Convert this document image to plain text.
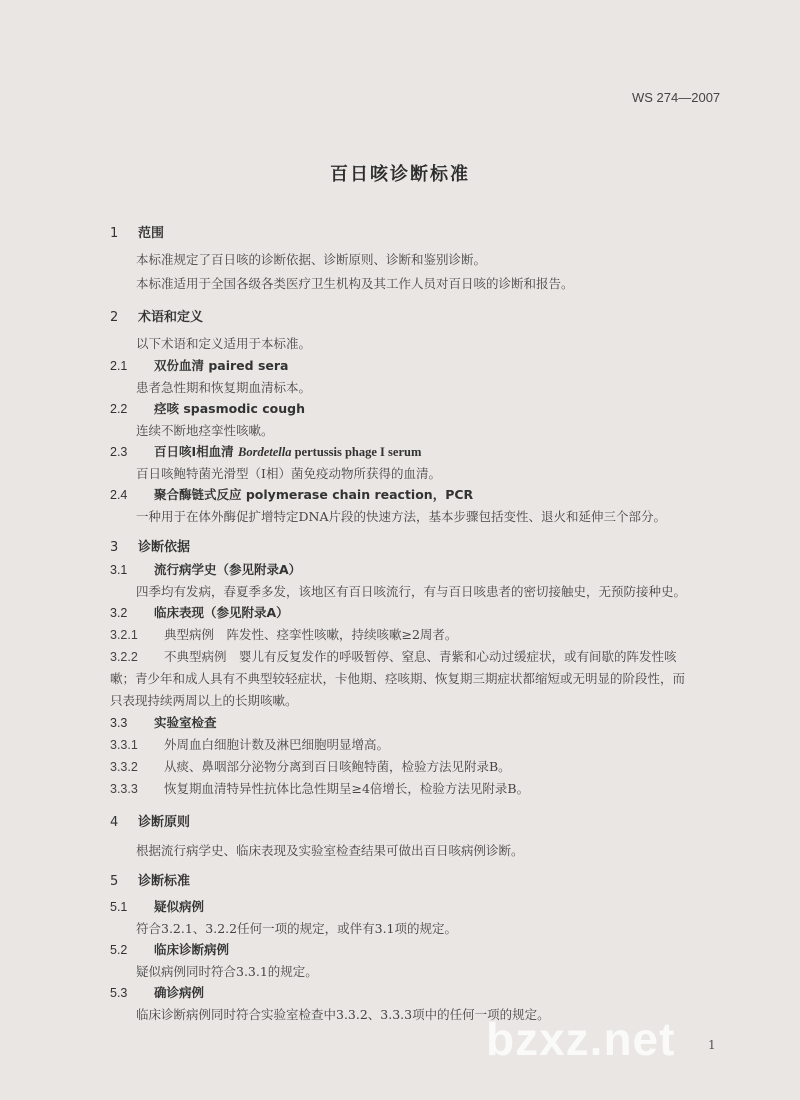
WS 274—2007
百日咳诊断标准
1 范围
本标准规定了百日咳的诊断依据、诊断原则、诊断和鉴别诊断。
本标准适用于全国各级各类医疗卫生机构及其工作人员对百日咳的诊断和报告。
2 术语和定义
以下术语和定义适用于本标准。
2.1 双份血清 paired sera
患者急性期和恢复期血清标本。
2.2 痉咳 spasmodic cough
连续不断地痉挛性咳嗽。
2.3 百日咳Ⅰ相血清 Bordetella pertussis phage I serum
百日咳鲍特菌光滑型（Ⅰ相）菌免疫动物所获得的血清。
2.4 聚合酶链式反应 polymerase chain reaction，PCR
一种用于在体外酶促扩增特定DNA片段的快速方法，基本步骤包括变性、退火和延伸三个部分。
3 诊断依据
3.1 流行病学史（参见附录A）
四季均有发病，春夏季多发，该地区有百日咳流行，有与百日咳患者的密切接触史，无预防接种史。
3.2 临床表现（参见附录A）
3.2.1 典型病例　阵发性、痉挛性咳嗽，持续咳嗽≥2周者。
3.2.2 不典型病例　婴儿有反复发作的呼吸暂停、窒息、青紫和心动过缓症状，或有间歇的阵发性咳
嗽；青少年和成人具有不典型较轻症状，卡他期、痉咳期、恢复期三期症状都缩短或无明显的阶段性，而
只表现持续两周以上的长期咳嗽。
3.3 实验室检查
3.3.1 外周血白细胞计数及淋巴细胞明显增高。
3.3.2 从痰、鼻咽部分泌物分离到百日咳鲍特菌，检验方法见附录B。
3.3.3 恢复期血清特异性抗体比急性期呈≥4倍增长，检验方法见附录B。
4 诊断原则
根据流行病学史、临床表现及实验室检查结果可做出百日咳病例诊断。
5 诊断标准
5.1 疑似病例
符合3.2.1、3.2.2任何一项的规定，或伴有3.1项的规定。
5.2 临床诊断病例
疑似病例同时符合3.3.1的规定。
5.3 确诊病例
临床诊断病例同时符合实验室检查中3.3.2、3.3.3项中的任何一项的规定。
bzxz.net	1
